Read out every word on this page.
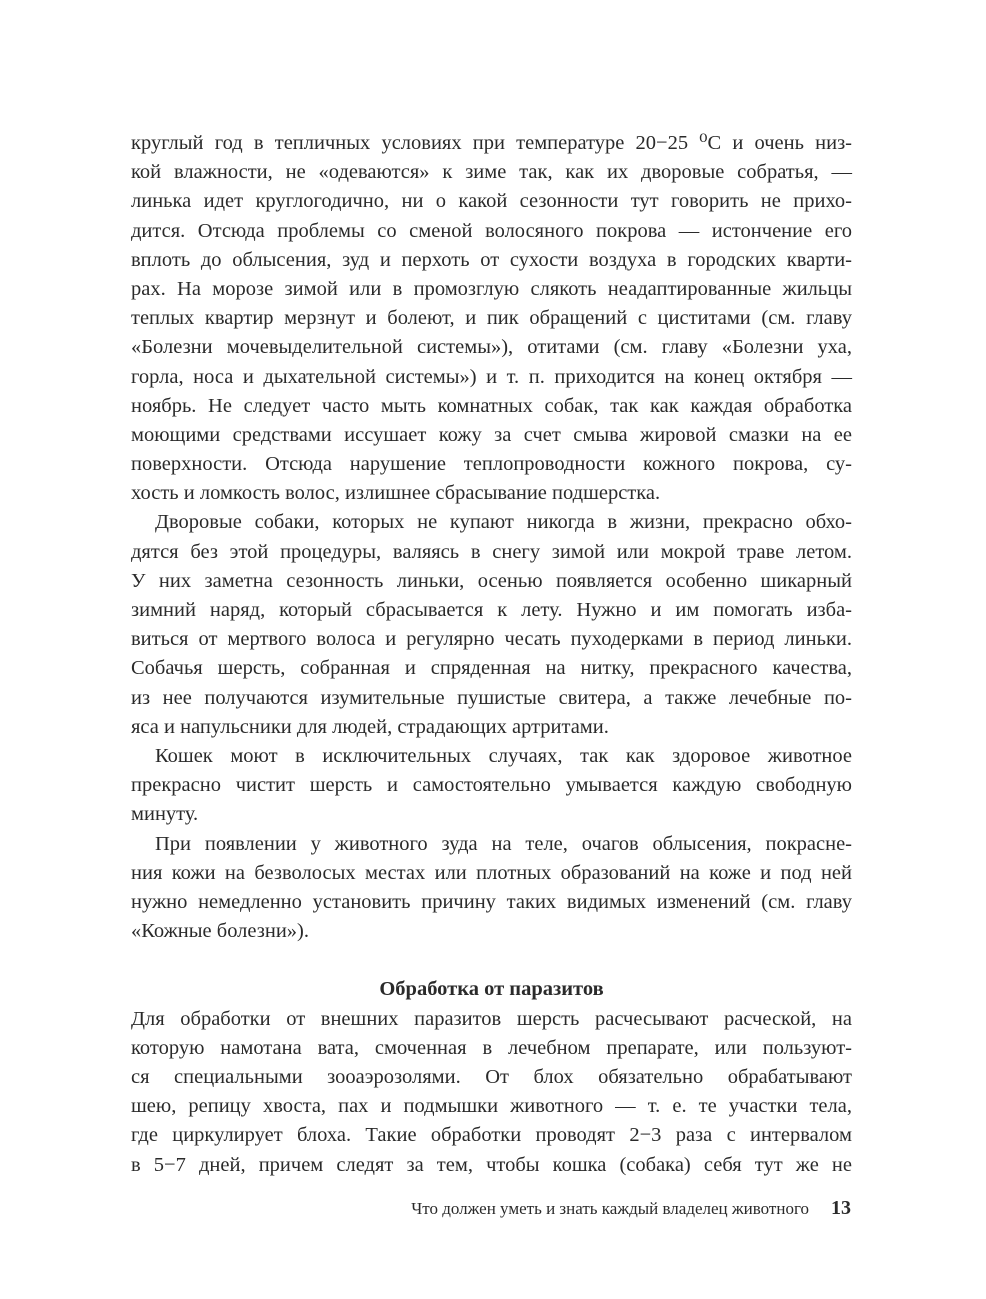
круглый год в тепличных условиях при температуре 20−25 ⁰С и очень низ-
кой влажности, не «одеваются» к зиме так, как их дворовые собратья, —
линька идет круглогодично, ни о какой сезонности тут говорить не прихо-
дится. Отсюда проблемы со сменой волосяного покрова — истончение его
вплоть до облысения, зуд и перхоть от сухости воздуха в городских кварти-
рах. На морозе зимой или в промозглую слякоть неадаптированные жильцы
теплых квартир мерзнут и болеют, и пик обращений с циститами (см. главу
«Болезни мочевыделительной системы»), отитами (см. главу «Болезни уха,
горла, носа и дыхательной системы») и т. п. приходится на конец октября —
ноябрь. Не следует часто мыть комнатных собак, так как каждая обработка
моющими средствами иссушает кожу за счет смыва жировой смазки на ее
поверхности. Отсюда нарушение теплопроводности кожного покрова, су-
хость и ломкость волос, излишнее сбрасывание подшерстка.
Дворовые собаки, которых не купают никогда в жизни, прекрасно обхо-
дятся без этой процедуры, валяясь в снегу зимой или мокрой траве летом.
У них заметна сезонность линьки, осенью появляется особенно шикарный
зимний наряд, который сбрасывается к лету. Нужно и им помогать изба-
виться от мертвого волоса и регулярно чесать пуходерками в период линьки.
Собачья шерсть, собранная и спряденная на нитку, прекрасного качества,
из нее получаются изумительные пушистые свитера, а также лечебные по-
яса и напульсники для людей, страдающих артритами.
Кошек моют в исключительных случаях, так как здоровое животное
прекрасно чистит шерсть и самостоятельно умывается каждую свободную
минуту.
При появлении у животного зуда на теле, очагов облысения, покрасне-
ния кожи на безволосых местах или плотных образований на коже и под ней
нужно немедленно установить причину таких видимых изменений (см. главу
«Кожные болезни»).
Обработка от паразитов
Для обработки от внешних паразитов шерсть расчесывают расческой, на
которую намотана вата, смоченная в лечебном препарате, или пользуют-
ся специальными зооаэрозолями. От блох обязательно обрабатывают
шею, репицу хвоста, пах и подмышки животного — т. е. те участки тела,
где циркулирует блоха. Такие обработки проводят 2−3 раза с интервалом
в 5−7 дней, причем следят за тем, чтобы кошка (собака) себя тут же не
Что должен уметь и знать каждый владелец животного 13
